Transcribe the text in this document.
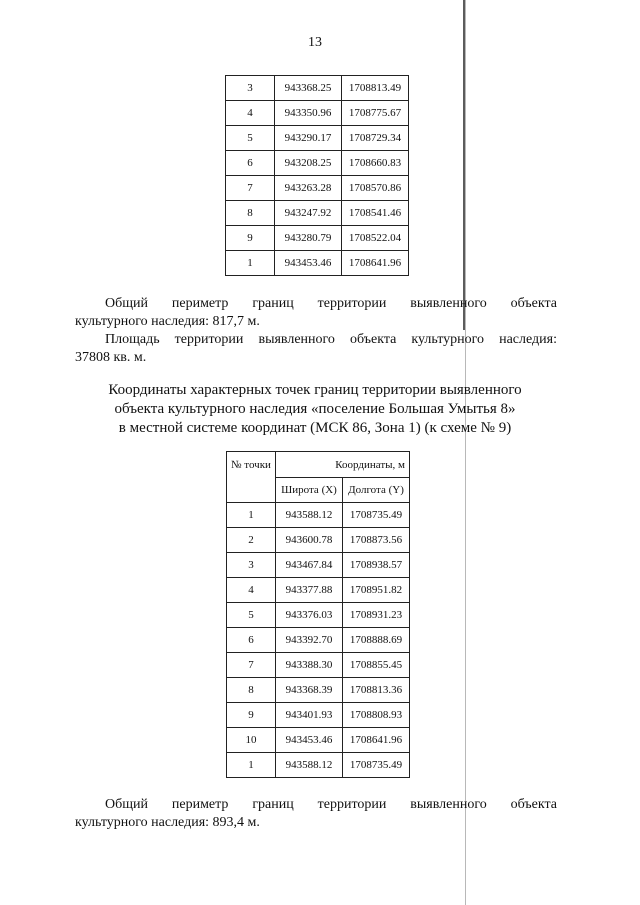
13
3	943368.25	1708813.49
4	943350.96	1708775.67
5	943290.17	1708729.34
6	943208.25	1708660.83
7	943263.28	1708570.86
8	943247.92	1708541.46
9	943280.79	1708522.04
1	943453.46	1708641.96
Общий периметр границ территории выявленного объекта
культурного наследия: 817,7 м.
Площадь территории выявленного объекта культурного наследия:
37808 кв. м.
Координаты характерных точек границ территории выявленного
объекта культурного наследия «поселение Большая Умытья 8»
в местной системе координат (МСК 86, Зона 1) (к схеме № 9)
№ точки	Координаты, м	
	Широта (X)	Долгота (Y)
1	943588.12	1708735.49
2	943600.78	1708873.56
3	943467.84	1708938.57
4	943377.88	1708951.82
5	943376.03	1708931.23
6	943392.70	1708888.69
7	943388.30	1708855.45
8	943368.39	1708813.36
9	943401.93	1708808.93
10	943453.46	1708641.96
1	943588.12	1708735.49
Общий периметр границ территории выявленного объекта
культурного наследия: 893,4 м.
